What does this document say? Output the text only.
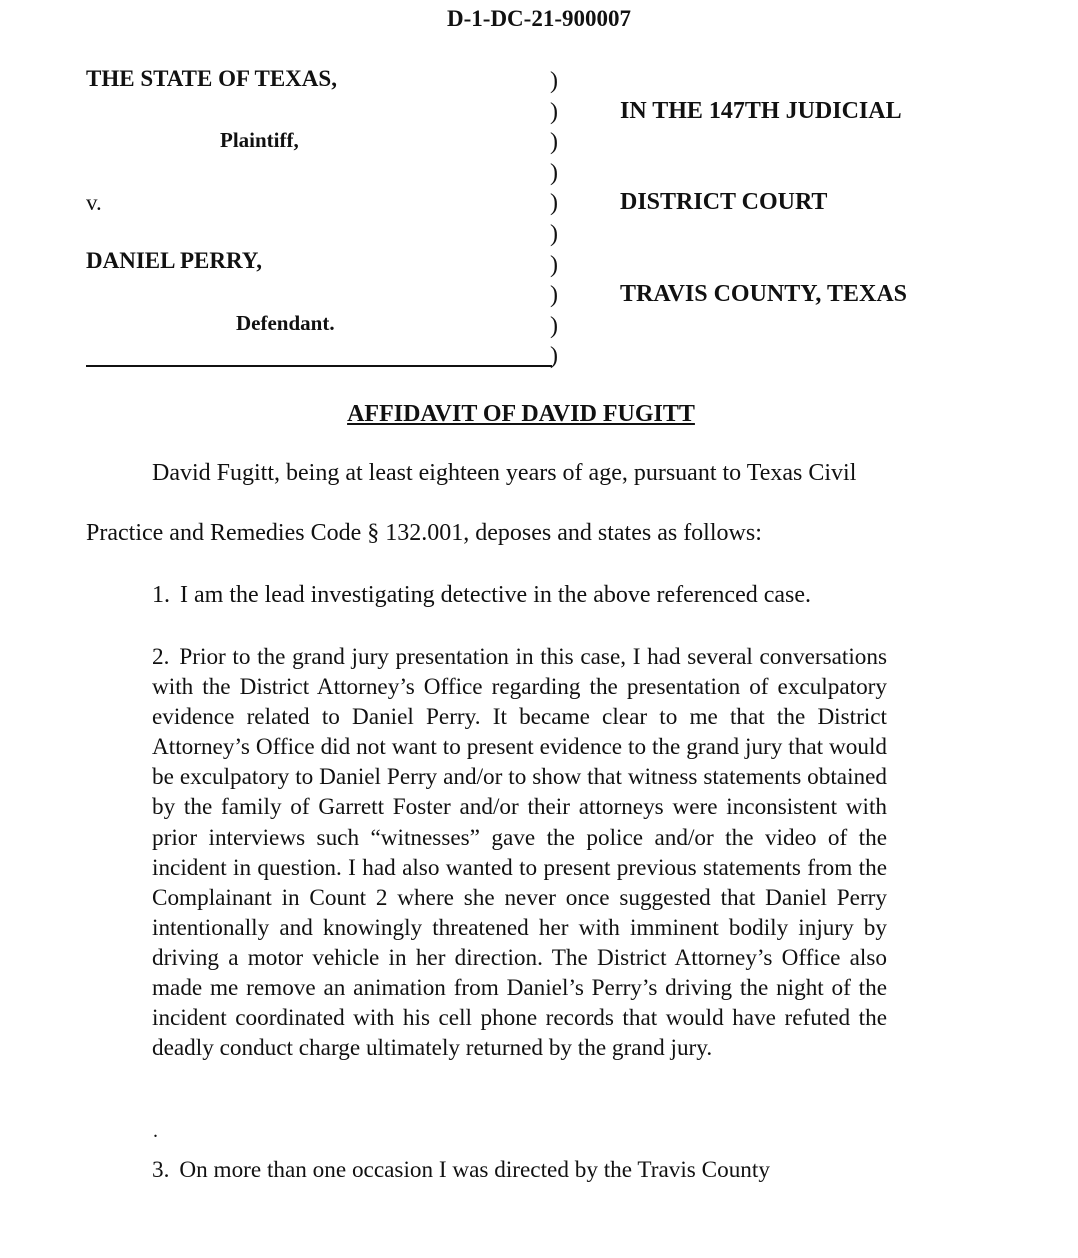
D-1-DC-21-900007
THE STATE OF TEXAS,
Plaintiff,
v.
DANIEL PERRY,
Defendant.
)
)
)
)
)
)
)
)
)
)
IN THE 147TH JUDICIAL
DISTRICT COURT
TRAVIS COUNTY, TEXAS
AFFIDAVIT OF DAVID FUGITT
David Fugitt, being at least eighteen years of age, pursuant to Texas Civil
Practice and Remedies Code § 132.001, deposes and states as follows:
1. I am the lead investigating detective in the above referenced case.
2. Prior to the grand jury presentation in this case, I had several conversations with the District Attorney’s Office regarding the presentation of exculpatory evidence related to Daniel Perry. It became clear to me that the District Attorney’s Office did not want to present evidence to the grand jury that would be exculpatory to Daniel Perry and/or to show that witness statements obtained by the family of Garrett Foster and/or their attorneys were inconsistent with prior interviews such “witnesses” gave the police and/or the video of the incident in question. I had also wanted to present previous statements from the Complainant in Count 2 where she never once suggested that Daniel Perry intentionally and knowingly threatened her with imminent bodily injury by driving a motor vehicle in her direction. The District Attorney’s Office also made me remove an animation from Daniel’s Perry’s driving the night of the incident coordinated with his cell phone records that would have refuted the deadly conduct charge ultimately returned by the grand jury.
.
3. On more than one occasion I was directed by the Travis County
